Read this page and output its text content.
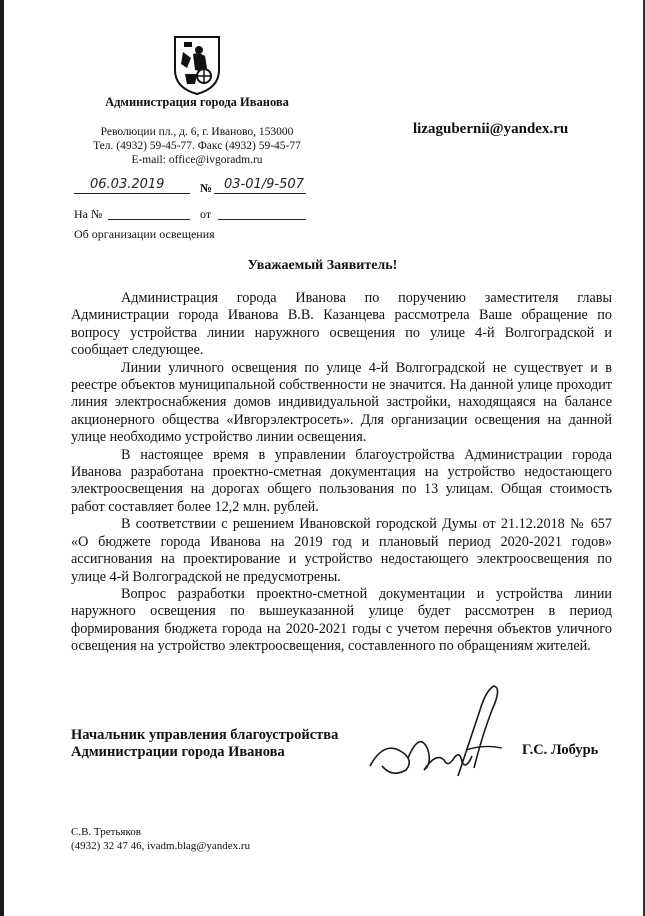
Администрация города Иванова
Революции пл., д. 6, г. Иваново, 153000
Тел. (4932) 59-45-77. Факс (4932) 59-45-77
E-mail: office@ivgoradm.ru
lizagubernii@yandex.ru
06.03.2019	№ 03-01/9-507
На №	от
Об организации освещения
Уважаемый Заявитель!

Администрация города Иванова по поручению заместителя главы Администрации города Иванова В.В. Казанцева рассмотрела Ваше обращение по вопросу устройства линии наружного освещения по улице 4-й Волгоградской и сообщает следующее.

Линии уличного освещения по улице 4-й Волгоградской не существует и в реестре объектов муниципальной собственности не значится. На данной улице проходит линия электроснабжения домов индивидуальной застройки, находящаяся на балансе акционерного общества «Ивгорэлектросеть». Для организации освещения на данной улице необходимо устройство линии освещения.

В настоящее время в управлении благоустройства Администрации города Иванова разработана проектно-сметная документация на устройство недостающего электроосвещения на дорогах общего пользования по 13 улицам. Общая стоимость работ составляет более 12,2 млн. рублей.

В соответствии с решением Ивановской городской Думы от 21.12.2018 № 657 «О бюджете города Иванова на 2019 год и плановый период 2020-2021 годов» ассигнования на проектирование и устройство недостающего электроосвещения по улице 4-й Волгоградской не предусмотрены.

Вопрос разработки проектно-сметной документации и устройства линии наружного освещения по вышеуказанной улице будет рассмотрен в период формирования бюджета города на 2020-2021 годы с учетом перечня объектов уличного освещения на устройство электроосвещения, составленного по обращениям жителей.

Начальник управления благоустройства
Администрации города Иванова	Г.С. Лобурь
С.В. Третьяков
(4932) 32 47 46, ivadm.blag@yandex.ru
